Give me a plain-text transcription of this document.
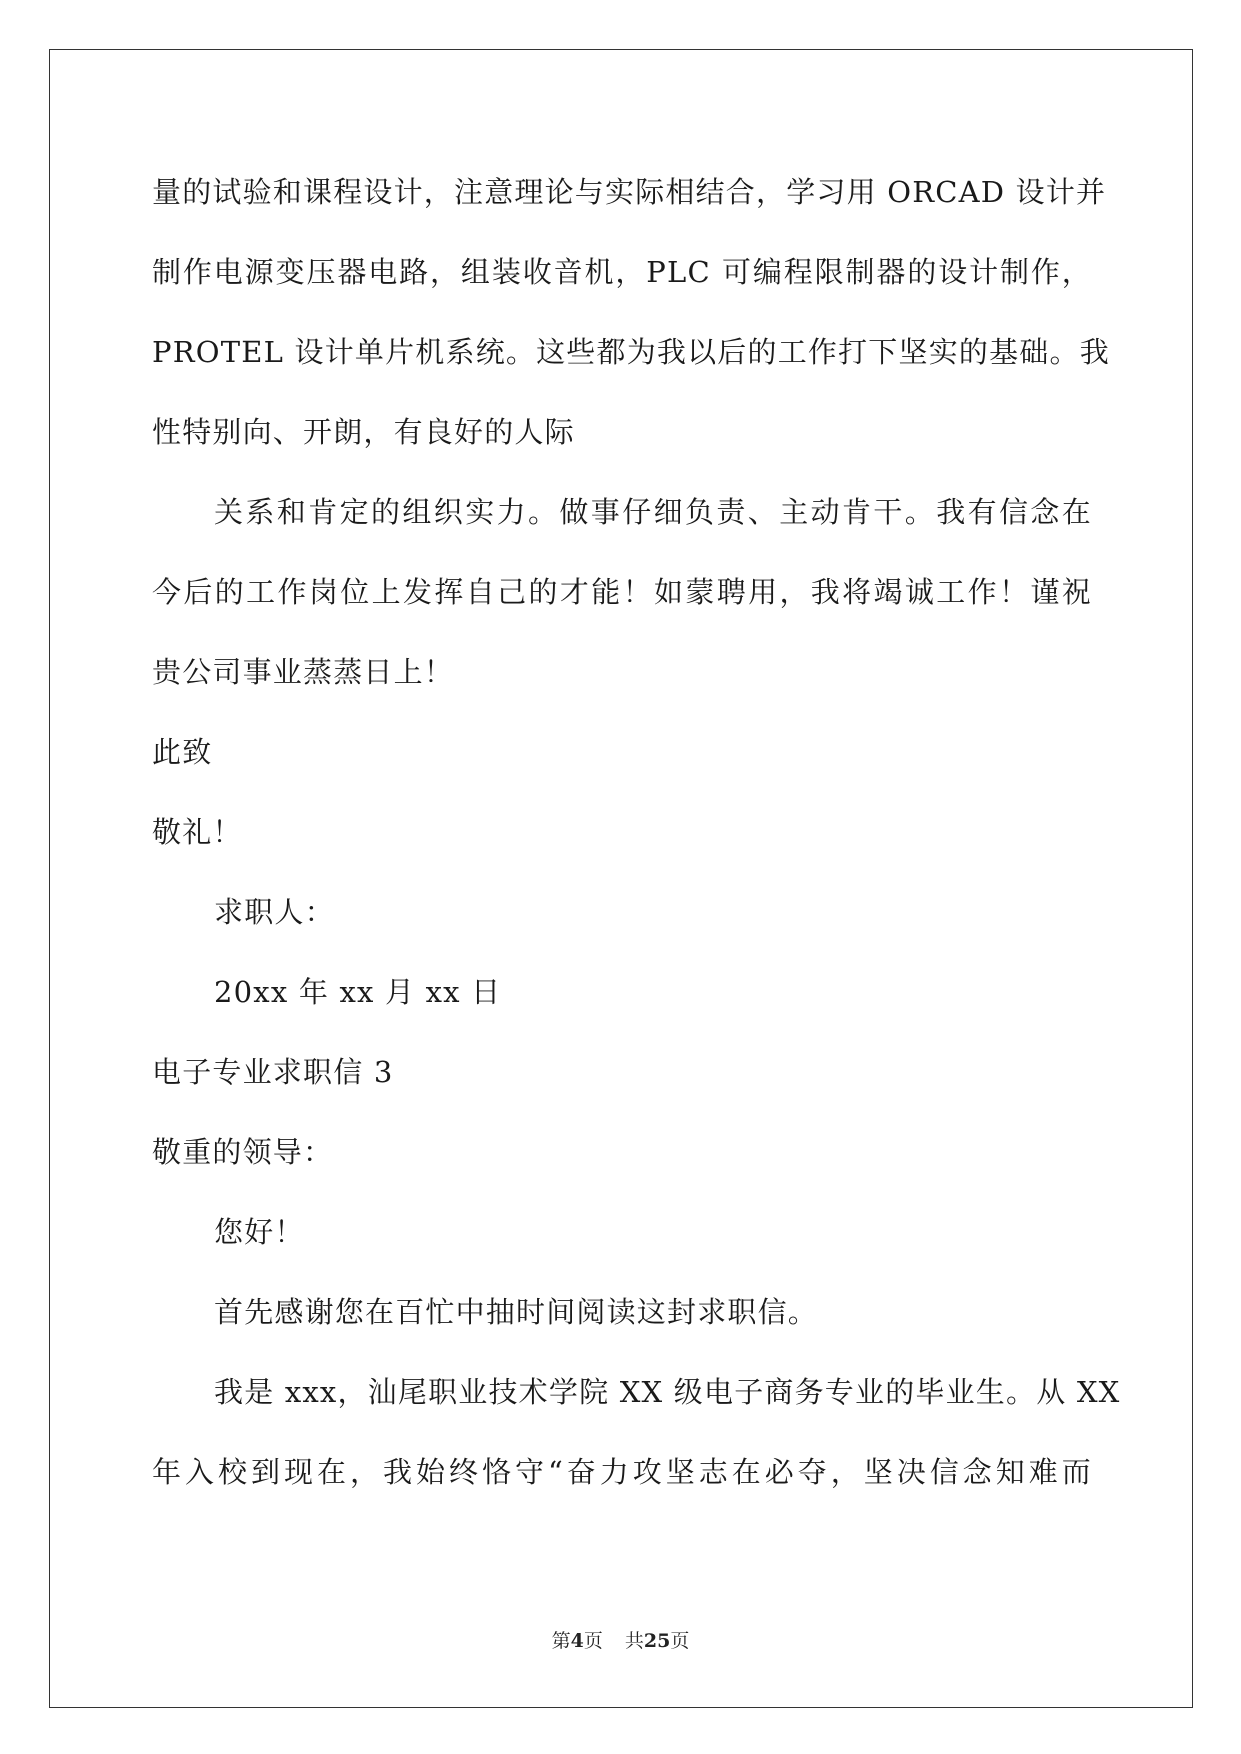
量的试验和课程设计，注意理论与实际相结合，学习用 ORCAD 设计并
制作电源变压器电路，组装收音机，PLC 可编程限制器的设计制作，
PROTEL 设计单片机系统。这些都为我以后的工作打下坚实的基础。我
性特别向、开朗，有良好的人际
关系和肯定的组织实力。做事仔细负责、主动肯干。我有信念在
今后的工作岗位上发挥自己的才能！如蒙聘用，我将竭诚工作！谨祝
贵公司事业蒸蒸日上！
此致
敬礼！
求职人：
20xx 年 xx 月 xx 日
电子专业求职信 3
敬重的领导：
您好！
首先感谢您在百忙中抽时间阅读这封求职信。
我是 xxx，汕尾职业技术学院 XX 级电子商务专业的毕业生。从 XX
年入校到现在，我始终恪守“奋力攻坚志在必夺，坚决信念知难而
第4页 共25页
